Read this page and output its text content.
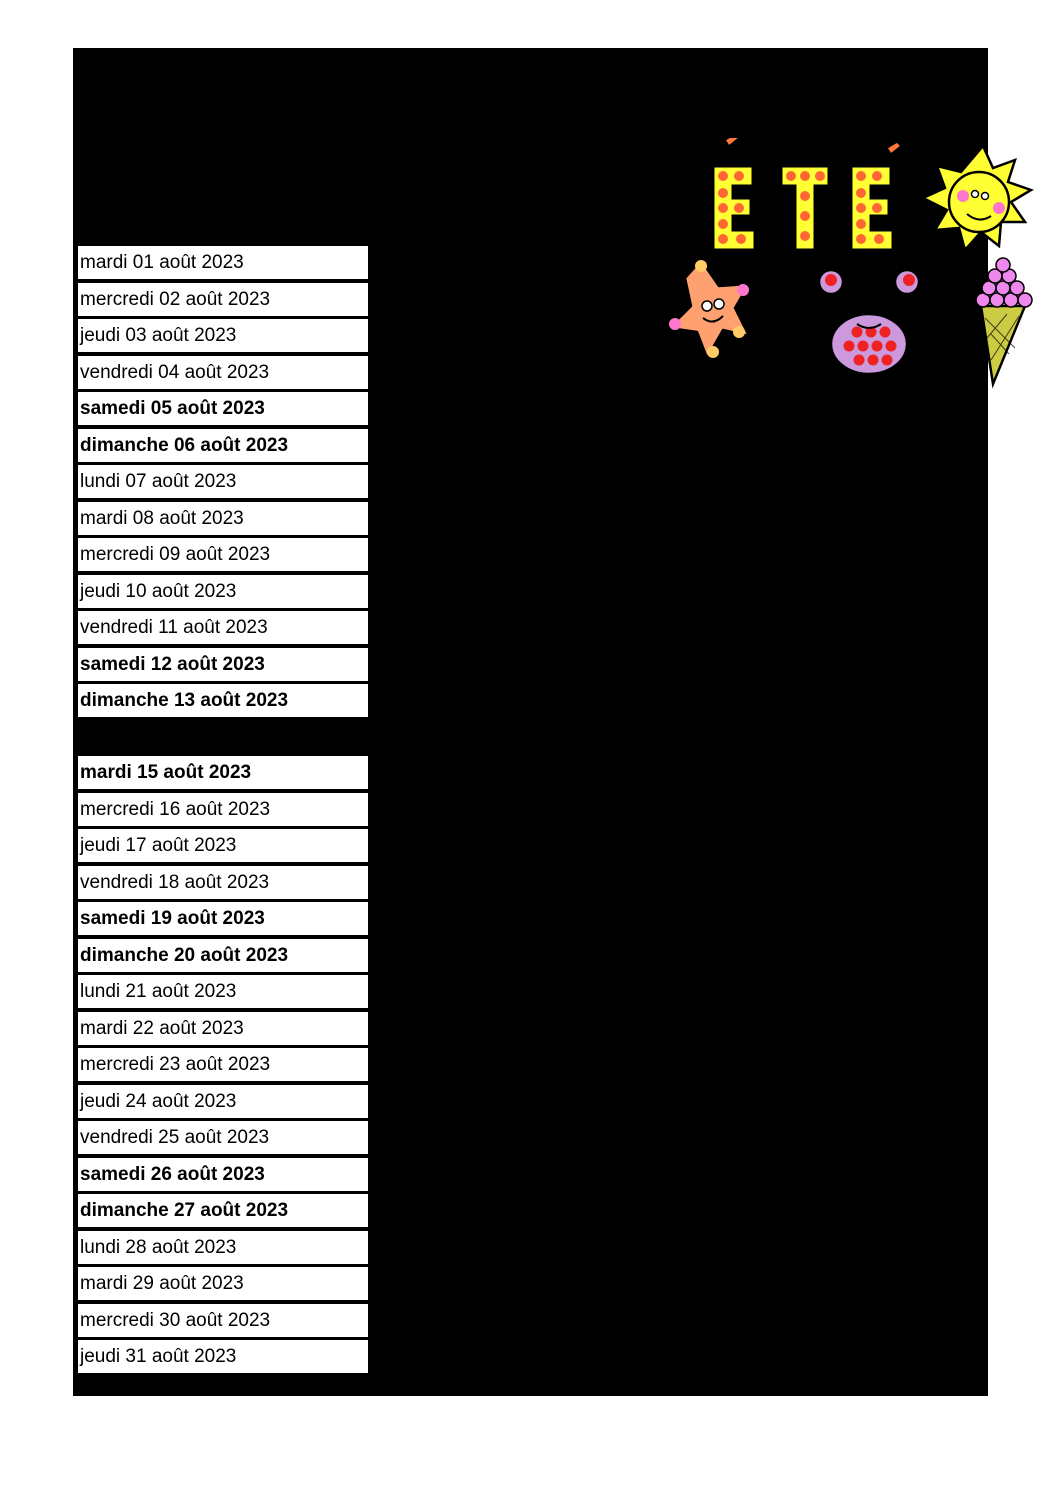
mardi 01 août 2023
mercredi 02 août 2023
jeudi 03 août 2023
vendredi 04 août 2023
samedi 05 août 2023
dimanche 06 août 2023
lundi 07 août 2023
mardi 08 août 2023
mercredi 09 août 2023
jeudi 10 août 2023
vendredi 11 août 2023
samedi 12 août 2023
dimanche 13 août 2023
mardi 15 août 2023
mercredi 16 août 2023
jeudi 17 août 2023
vendredi 18 août 2023
samedi 19 août 2023
dimanche 20 août 2023
lundi 21 août 2023
mardi 22 août 2023
mercredi 23 août 2023
jeudi 24 août 2023
vendredi 25 août 2023
samedi 26 août 2023
dimanche 27 août 2023
lundi 28 août 2023
mardi 29 août 2023
mercredi 30 août 2023
jeudi 31 août 2023
